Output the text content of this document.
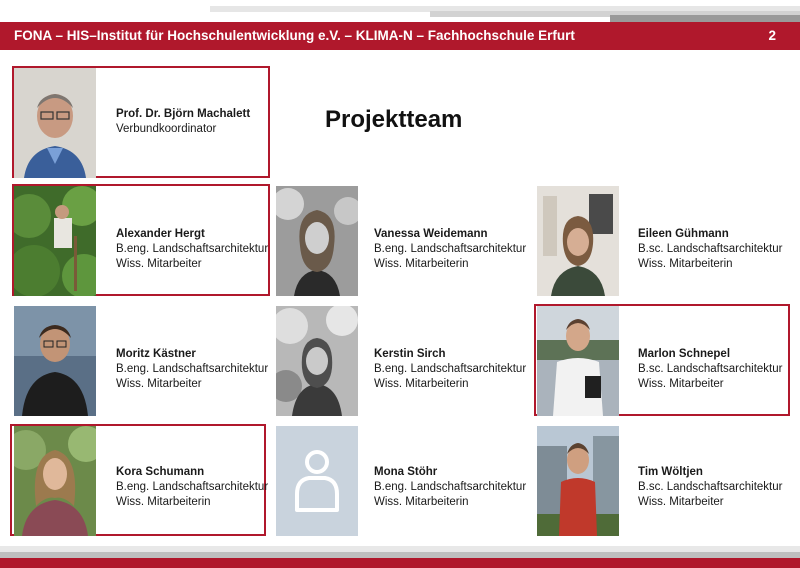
FONA – HIS–Institut für Hochschulentwicklung e.V. – KLIMA-N – Fachhochschule Erfurt	2
Projektteam
Prof. Dr. Björn Machalett
Verbundkoordinator
Alexander Hergt
B.eng. Landschaftsarchitektur
Wiss. Mitarbeiter
Vanessa Weidemann
B.eng. Landschaftsarchitektur
Wiss. Mitarbeiterin
Eileen Gühmann
B.sc. Landschaftsarchitektur
Wiss. Mitarbeiterin
Moritz Kästner
B.eng. Landschaftsarchitektur
Wiss. Mitarbeiter
Kerstin Sirch
B.eng. Landschaftsarchitektur
Wiss. Mitarbeiterin
Marlon Schnepel
B.sc. Landschaftsarchitektur
Wiss. Mitarbeiter
Kora Schumann
B.eng. Landschaftsarchitektur
Wiss. Mitarbeiterin
Mona Stöhr
B.eng. Landschaftsarchitektur
Wiss. Mitarbeiterin
Tim Wöltjen
B.sc. Landschaftsarchitektur
Wiss. Mitarbeiter
